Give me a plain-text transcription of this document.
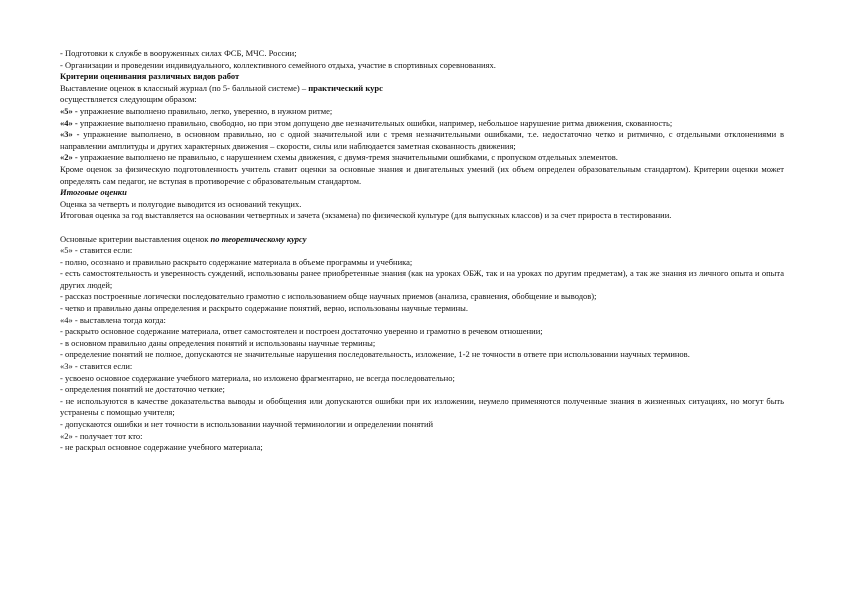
- Подготовки к службе в вооруженных силах ФСБ, МЧС. России;

- Организации и проведении индивидуального, коллективного семейного отдыха, участие в спортивных соревнованиях.

Критерии оценивания различных видов работ

Выставление оценок в классный журнал (по 5- балльной системе) – практический курс

осуществляется следующим образом:

«5» - упражнение выполнено правильно, легко, уверенно, в нужном ритме;

«4» - упражнение выполнено правильно, свободно, но при этом допущено две незначительных ошибки, например, небольшое нарушение ритма движения, скованность;

«3» - упражнение выполнено, в основном правильно, но с одной значительной или с тремя незначительными ошибками, т.е. недостаточно четко и ритмично, с отдельными отклонениями в направлении амплитуды и других характерных движения – скорости, силы или наблюдается заметная скованность движения;

«2» - упражнение выполнено не правильно, с нарушением схемы движения, с двумя-тремя значительными ошибками, с пропуском отдельных элементов.

Кроме оценок за физическую подготовленность учитель ставит оценки за основные знания и двигательных умений (их объем определен образовательным стандартом). Критерии оценки может определять сам педагог, не вступая в противоречие с образовательным стандартом.

Итоговые оценки

Оценка за четверть и полугодие выводится из оснований текущих.

Итоговая оценка за год выставляется на основании четвертных и зачета (экзамена) по физической культуре (для выпускных классов) и за счет прироста в тестировании.

Основные критерии выставления оценок по теоретическому курсу

«5» - ставится если:

- полно, осознано и правильно раскрыто содержание материала в объеме программы и учебника;

- есть самостоятельность и уверенность суждений, использованы ранее приобретенные знания (как на уроках ОБЖ, так и на уроках по другим предметам), а так же знания из личного опыта и опыта других людей;

- рассказ построенные логически последовательно грамотно с использованием обще научных приемов (анализа, сравнения, обобщение и выводов);

- четко и правильно даны определения и раскрыто содержание понятий, верно, использованы научные термины.

«4» - выставлена тогда когда:

- раскрыто основное содержание материала, ответ самостоятелен и построен достаточно уверенно и грамотно в речевом отношении;

- в основном правильно даны определения понятий и использованы научные термины;

- определение понятий не полное, допускаются не значительные нарушения последовательность, изложение, 1-2 не точности в ответе при использовании научных терминов.

«3» - ставится если:

- усвоено основное содержание учебного материала, но изложено фрагментарно, не всегда последовательно;

- определения понятий не достаточно четкие;

- не используются в качестве доказательства выводы и обобщения или допускаются ошибки при их изложении, неумело применяются полученные знания в жизненных ситуациях, но могут быть устранены с помощью учителя;

- допускаются ошибки и нет точности в использовании научной терминологии и определении понятий

«2» - получает тот кто:

- не раскрыл основное содержание учебного материала;
